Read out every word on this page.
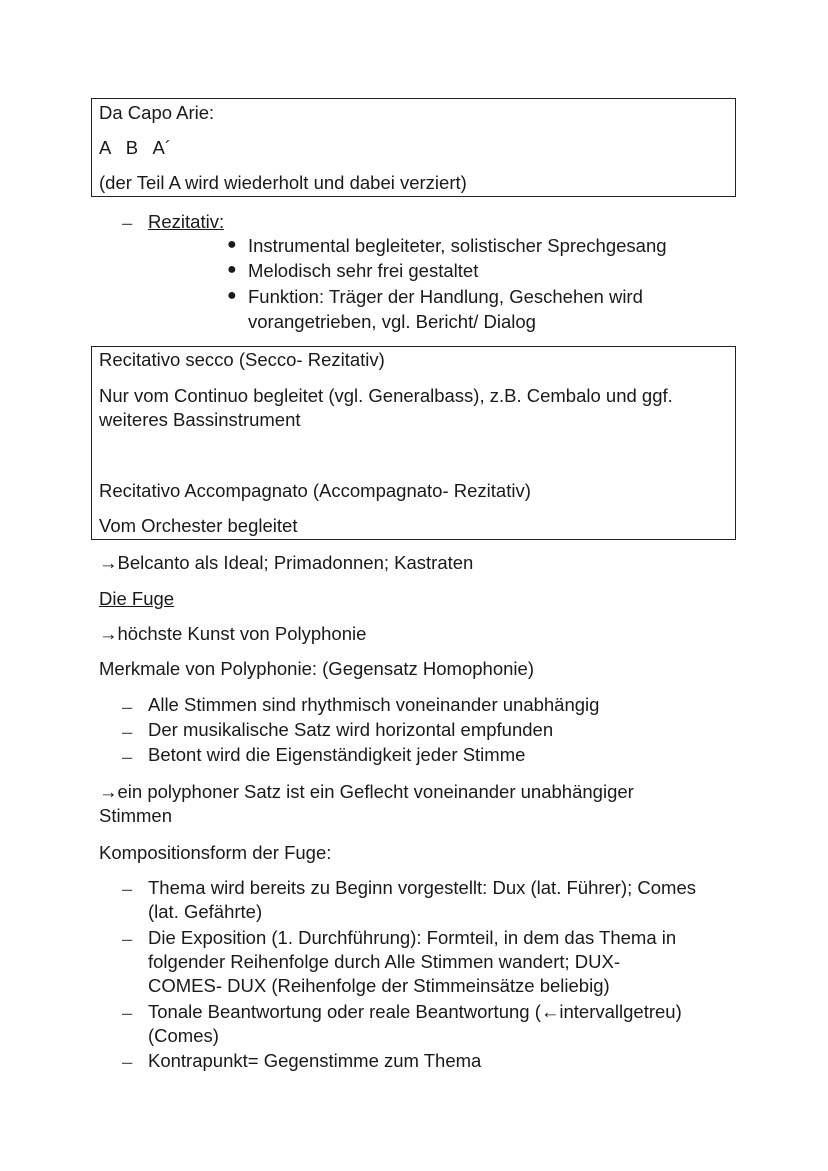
Da Capo Arie:
A   B   A´
(der Teil A wird wiederholt und dabei verziert)
– Rezitativ:
● Instrumental begleiteter, solistischer Sprechgesang
● Melodisch sehr frei gestaltet
● Funktion: Träger der Handlung, Geschehen wird
vorangetrieben, vgl. Bericht/ Dialog
Recitativo secco (Secco- Rezitativ)
Nur vom Continuo begleitet (vgl. Generalbass), z.B. Cembalo und ggf.
weiteres Bassinstrument
Recitativo Accompagnato (Accompagnato- Rezitativ)
Vom Orchester begleitet
→Belcanto als Ideal; Primadonnen; Kastraten
Die Fuge
→höchste Kunst von Polyphonie
Merkmale von Polyphonie: (Gegensatz Homophonie)
– Alle Stimmen sind rhythmisch voneinander unabhängig
– Der musikalische Satz wird horizontal empfunden
– Betont wird die Eigenständigkeit jeder Stimme
→ein polyphoner Satz ist ein Geflecht voneinander unabhängiger
Stimmen
Kompositionsform der Fuge:
– Thema wird bereits zu Beginn vorgestellt: Dux (lat. Führer); Comes
(lat. Gefährte)
– Die Exposition (1. Durchführung): Formteil, in dem das Thema in
folgender Reihenfolge durch Alle Stimmen wandert; DUX-
COMES- DUX (Reihenfolge der Stimmeinsätze beliebig)
– Tonale Beantwortung oder reale Beantwortung (←intervallgetreu)
(Comes)
– Kontrapunkt= Gegenstimme zum Thema
